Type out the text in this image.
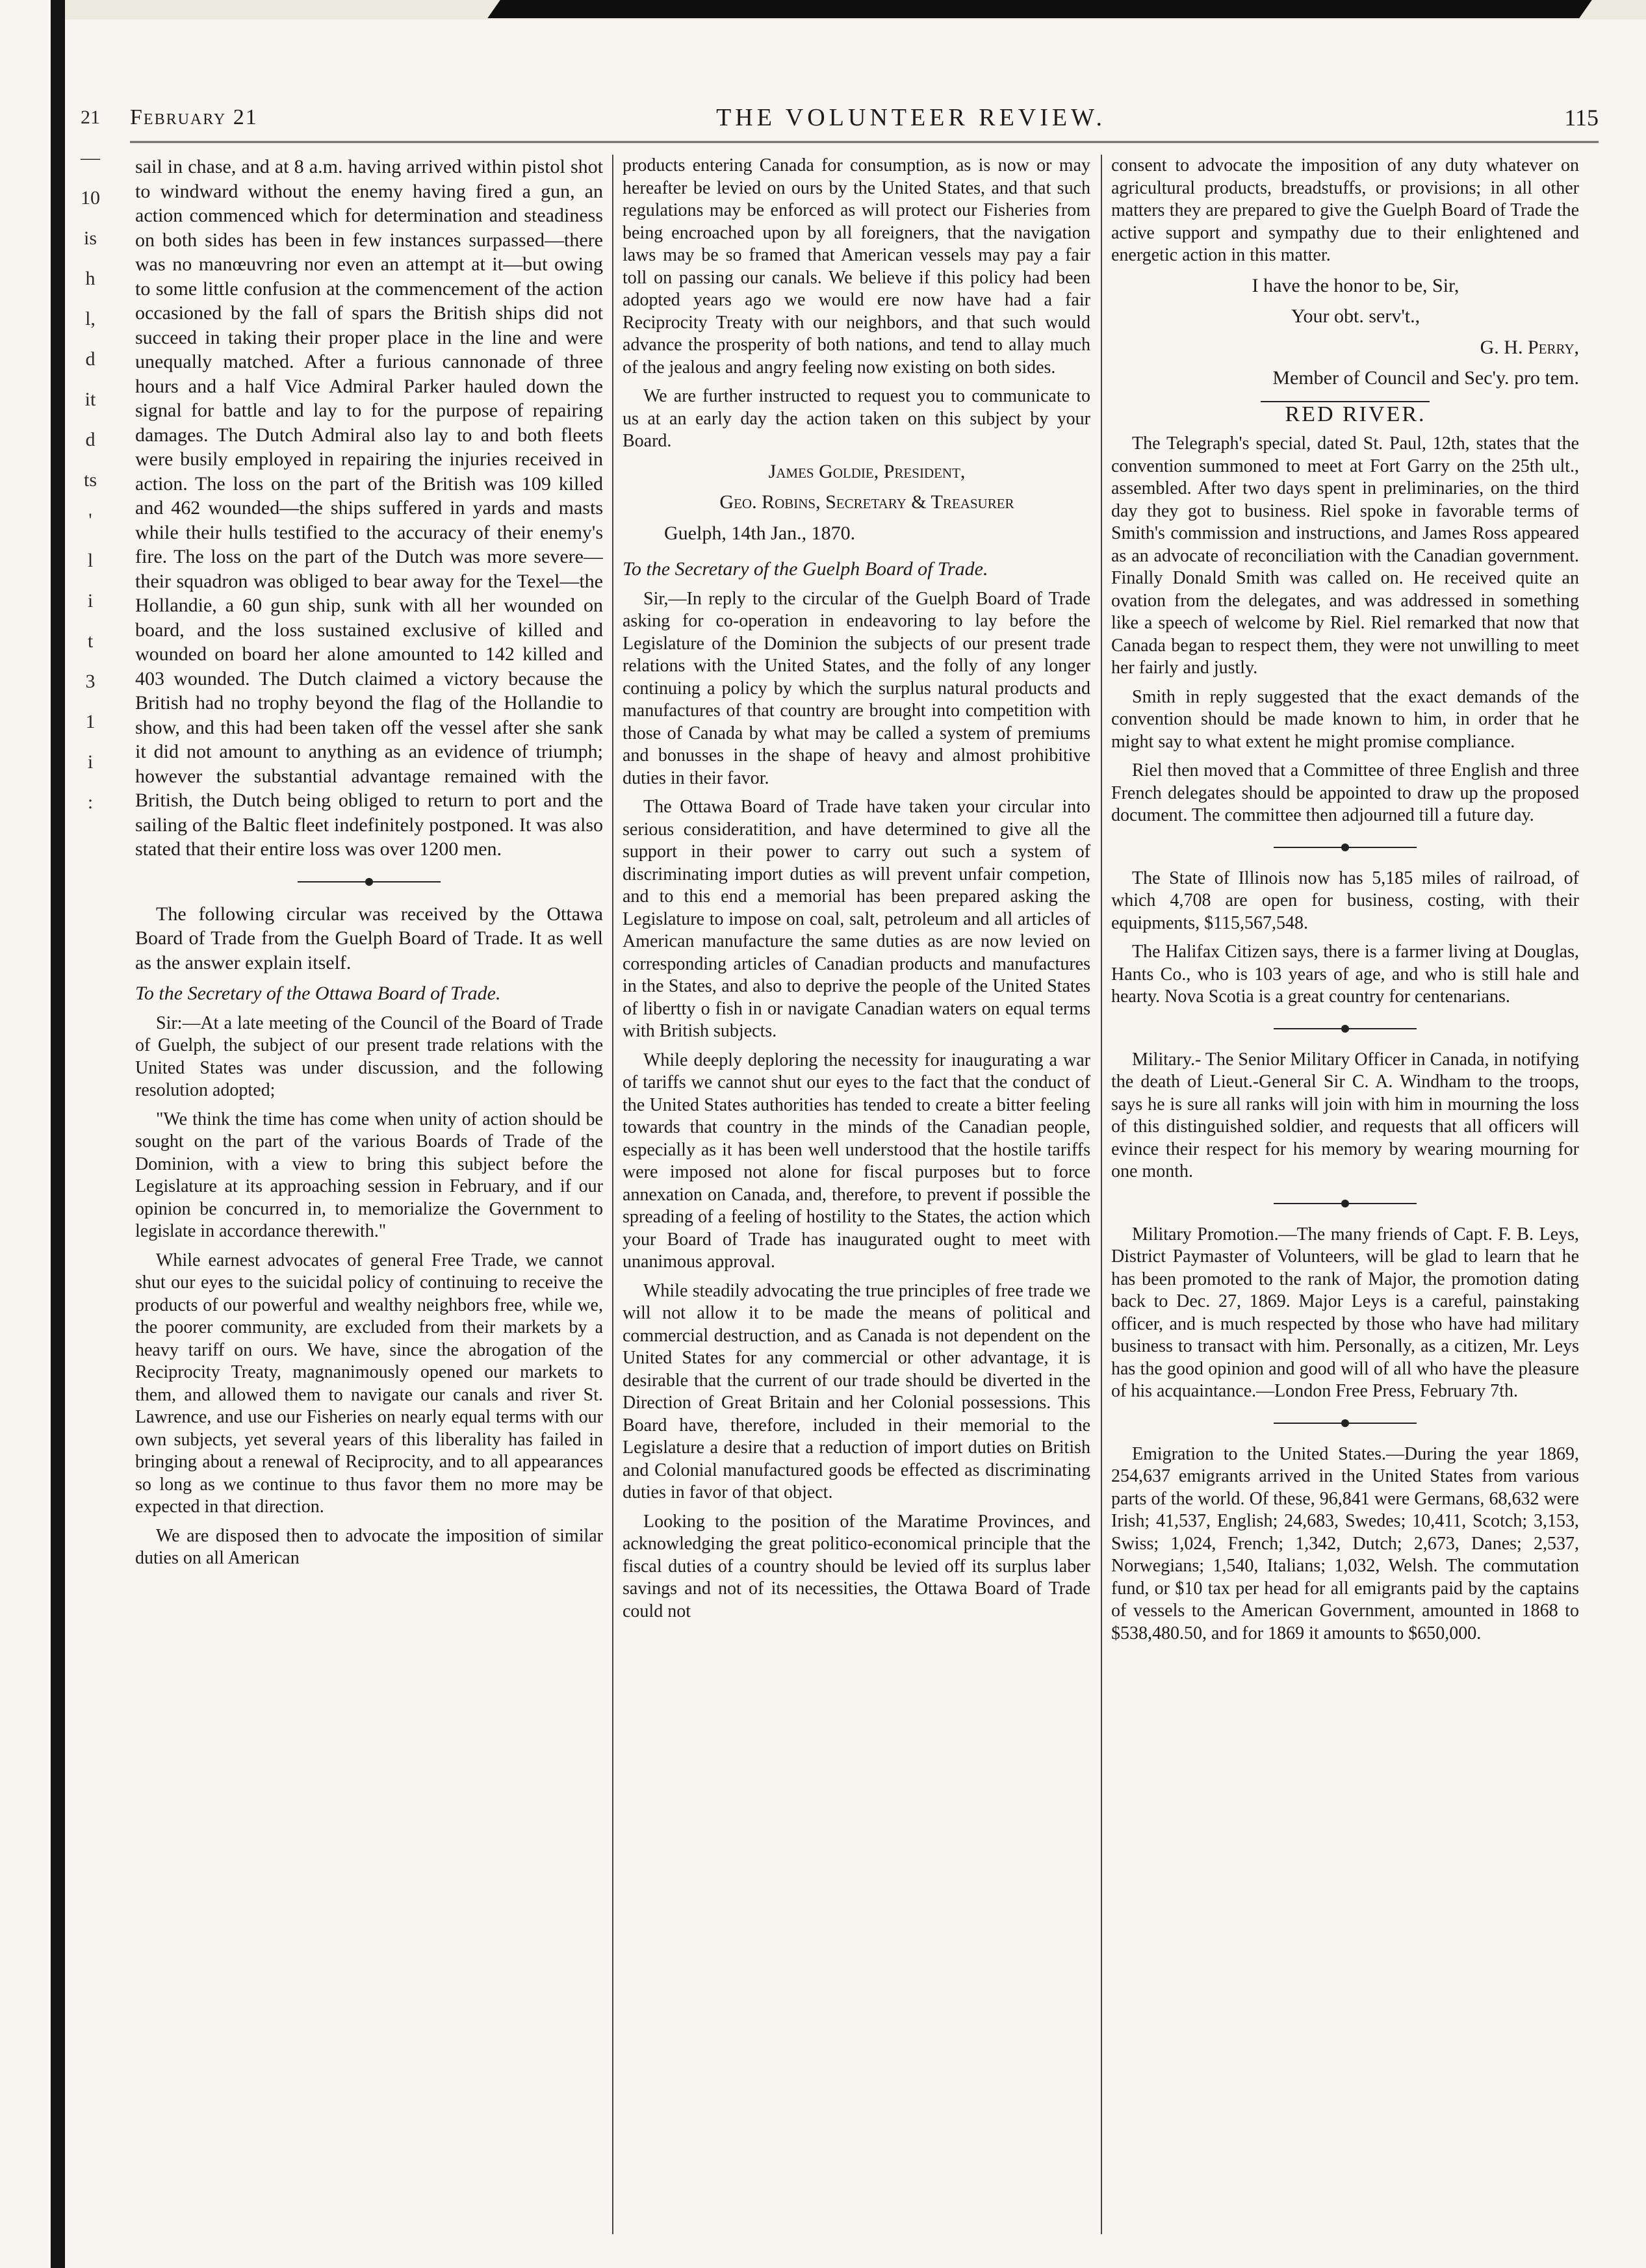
21
—
10
is
h
l,
d
it
d
ts
'
l
i
t
3
1
i
:
February 21	THE VOLUNTEER REVIEW.	115

sail in chase, and at 8 a.m. having arrived within pistol shot to windward without the enemy having fired a gun, an action commenced which for determination and steadiness on both sides has been in few instances surpassed—there was no manœuvring nor even an attempt at it—but owing to some little confusion at the commencement of the action occasioned by the fall of spars the British ships did not succeed in taking their proper place in the line and were unequally matched. After a furious cannonade of three hours and a half Vice Admiral Parker hauled down the signal for battle and lay to for the purpose of repairing damages. The Dutch Admiral also lay to and both fleets were busily employed in repairing the injuries received in action. The loss on the part of the British was 109 killed and 462 wounded—the ships suffered in yards and masts while their hulls testified to the accuracy of their enemy's fire. The loss on the part of the Dutch was more severe—their squadron was obliged to bear away for the Texel—the Hollandie, a 60 gun ship, sunk with all her wounded on board, and the loss sustained exclusive of killed and wounded on board her alone amounted to 142 killed and 403 wounded. The Dutch claimed a victory because the British had no trophy beyond the flag of the Hollandie to show, and this had been taken off the vessel after she sank it did not amount to anything as an evidence of triumph; however the substantial advantage remained with the British, the Dutch being obliged to return to port and the sailing of the Baltic fleet indefinitely postponed. It was also stated that their entire loss was over 1200 men.

The following circular was received by the Ottawa Board of Trade from the Guelph Board of Trade. It as well as the answer explain itself.

To the Secretary of the Ottawa Board of Trade.

Sir:—At a late meeting of the Council of the Board of Trade of Guelph, the subject of our present trade relations with the United States was under discussion, and the following resolution adopted;

"We think the time has come when unity of action should be sought on the part of the various Boards of Trade of the Dominion, with a view to bring this subject before the Legislature at its approaching session in February, and if our opinion be concurred in, to memorialize the Government to legislate in accordance therewith."

While earnest advocates of general Free Trade, we cannot shut our eyes to the suicidal policy of continuing to receive the products of our powerful and wealthy neighbors free, while we, the poorer community, are excluded from their markets by a heavy tariff on ours. We have, since the abrogation of the Reciprocity Treaty, magnanimously opened our markets to them, and allowed them to navigate our canals and river St. Lawrence, and use our Fisheries on nearly equal terms with our own subjects, yet several years of this liberality has failed in bringing about a renewal of Reciprocity, and to all appearances so long as we continue to thus favor them no more may be expected in that direction.

We are disposed then to advocate the imposition of similar duties on all American

products entering Canada for consumption, as is now or may hereafter be levied on ours by the United States, and that such regulations may be enforced as will protect our Fisheries from being encroached upon by all foreigners, that the navigation laws may be so framed that American vessels may pay a fair toll on passing our canals. We believe if this policy had been adopted years ago we would ere now have had a fair Reciprocity Treaty with our neighbors, and that such would advance the prosperity of both nations, and tend to allay much of the jealous and angry feeling now existing on both sides.

We are further instructed to request you to communicate to us at an early day the action taken on this subject by your Board.

James Goldie, President,

Geo. Robins, Secretary & Treasurer

Guelph, 14th Jan., 1870.

To the Secretary of the Guelph Board of Trade.

Sir,—In reply to the circular of the Guelph Board of Trade asking for co-operation in endeavoring to lay before the Legislature of the Dominion the subjects of our present trade relations with the United States, and the folly of any longer continuing a policy by which the surplus natural products and manufactures of that country are brought into competition with those of Canada by what may be called a system of premiums and bonusses in the shape of heavy and almost prohibitive duties in their favor.

The Ottawa Board of Trade have taken your circular into serious consideratition, and have determined to give all the support in their power to carry out such a system of discriminating import duties as will prevent unfair competion, and to this end a memorial has been prepared asking the Legislature to impose on coal, salt, petroleum and all articles of American manufacture the same duties as are now levied on corresponding articles of Canadian products and manufactures in the States, and also to deprive the people of the United States of libertty o fish in or navigate Canadian waters on equal terms with British subjects.

While deeply deploring the necessity for inaugurating a war of tariffs we cannot shut our eyes to the fact that the conduct of the United States authorities has tended to create a bitter feeling towards that country in the minds of the Canadian people, especially as it has been well understood that the hostile tariffs were imposed not alone for fiscal purposes but to force annexation on Canada, and, therefore, to prevent if possible the spreading of a feeling of hostility to the States, the action which your Board of Trade has inaugurated ought to meet with unanimous approval.

While steadily advocating the true principles of free trade we will not allow it to be made the means of political and commercial destruction, and as Canada is not dependent on the United States for any commercial or other advantage, it is desirable that the current of our trade should be diverted in the Direction of Great Britain and her Colonial possessions. This Board have, therefore, included in their memorial to the Legislature a desire that a reduction of import duties on British and Colonial manufactured goods be effected as discriminating duties in favor of that object.

Looking to the position of the Maratime Provinces, and acknowledging the great politico-economical principle that the fiscal duties of a country should be levied off its surplus laber savings and not of its necessities, the Ottawa Board of Trade could not

consent to advocate the imposition of any duty whatever on agricultural products, breadstuffs, or provisions; in all other matters they are prepared to give the Guelph Board of Trade the active support and sympathy due to their enlightened and energetic action in this matter.

I have the honor to be, Sir,

Your obt. serv't.,

G. H. Perry,

Member of Council and Sec'y. pro tem.

RED RIVER.

The Telegraph's special, dated St. Paul, 12th, states that the convention summoned to meet at Fort Garry on the 25th ult., assembled. After two days spent in preliminaries, on the third day they got to business. Riel spoke in favorable terms of Smith's commission and instructions, and James Ross appeared as an advocate of reconciliation with the Canadian government. Finally Donald Smith was called on. He received quite an ovation from the delegates, and was addressed in something like a speech of welcome by Riel. Riel remarked that now that Canada began to respect them, they were not unwilling to meet her fairly and justly.

Smith in reply suggested that the exact demands of the convention should be made known to him, in order that he might say to what extent he might promise compliance.

Riel then moved that a Committee of three English and three French delegates should be appointed to draw up the proposed document. The committee then adjourned till a future day.

The State of Illinois now has 5,185 miles of railroad, of which 4,708 are open for business, costing, with their equipments, $115,567,548.

The Halifax Citizen says, there is a farmer living at Douglas, Hants Co., who is 103 years of age, and who is still hale and hearty. Nova Scotia is a great country for centenarians.

Military.- The Senior Military Officer in Canada, in notifying the death of Lieut.-General Sir C. A. Windham to the troops, says he is sure all ranks will join with him in mourning the loss of this distinguished soldier, and requests that all officers will evince their respect for his memory by wearing mourning for one month.

Military Promotion.—The many friends of Capt. F. B. Leys, District Paymaster of Volunteers, will be glad to learn that he has been promoted to the rank of Major, the promotion dating back to Dec. 27, 1869. Major Leys is a careful, painstaking officer, and is much respected by those who have had military business to transact with him. Personally, as a citizen, Mr. Leys has the good opinion and good will of all who have the pleasure of his acquaintance.—London Free Press, February 7th.

Emigration to the United States.—During the year 1869, 254,637 emigrants arrived in the United States from various parts of the world. Of these, 96,841 were Germans, 68,632 were Irish; 41,537, English; 24,683, Swedes; 10,411, Scotch; 3,153, Swiss; 1,024, French; 1,342, Dutch; 2,673, Danes; 2,537, Norwegians; 1,540, Italians; 1,032, Welsh. The commutation fund, or $10 tax per head for all emigrants paid by the captains of vessels to the American Government, amounted in 1868 to $538,480.50, and for 1869 it amounts to $650,000.
